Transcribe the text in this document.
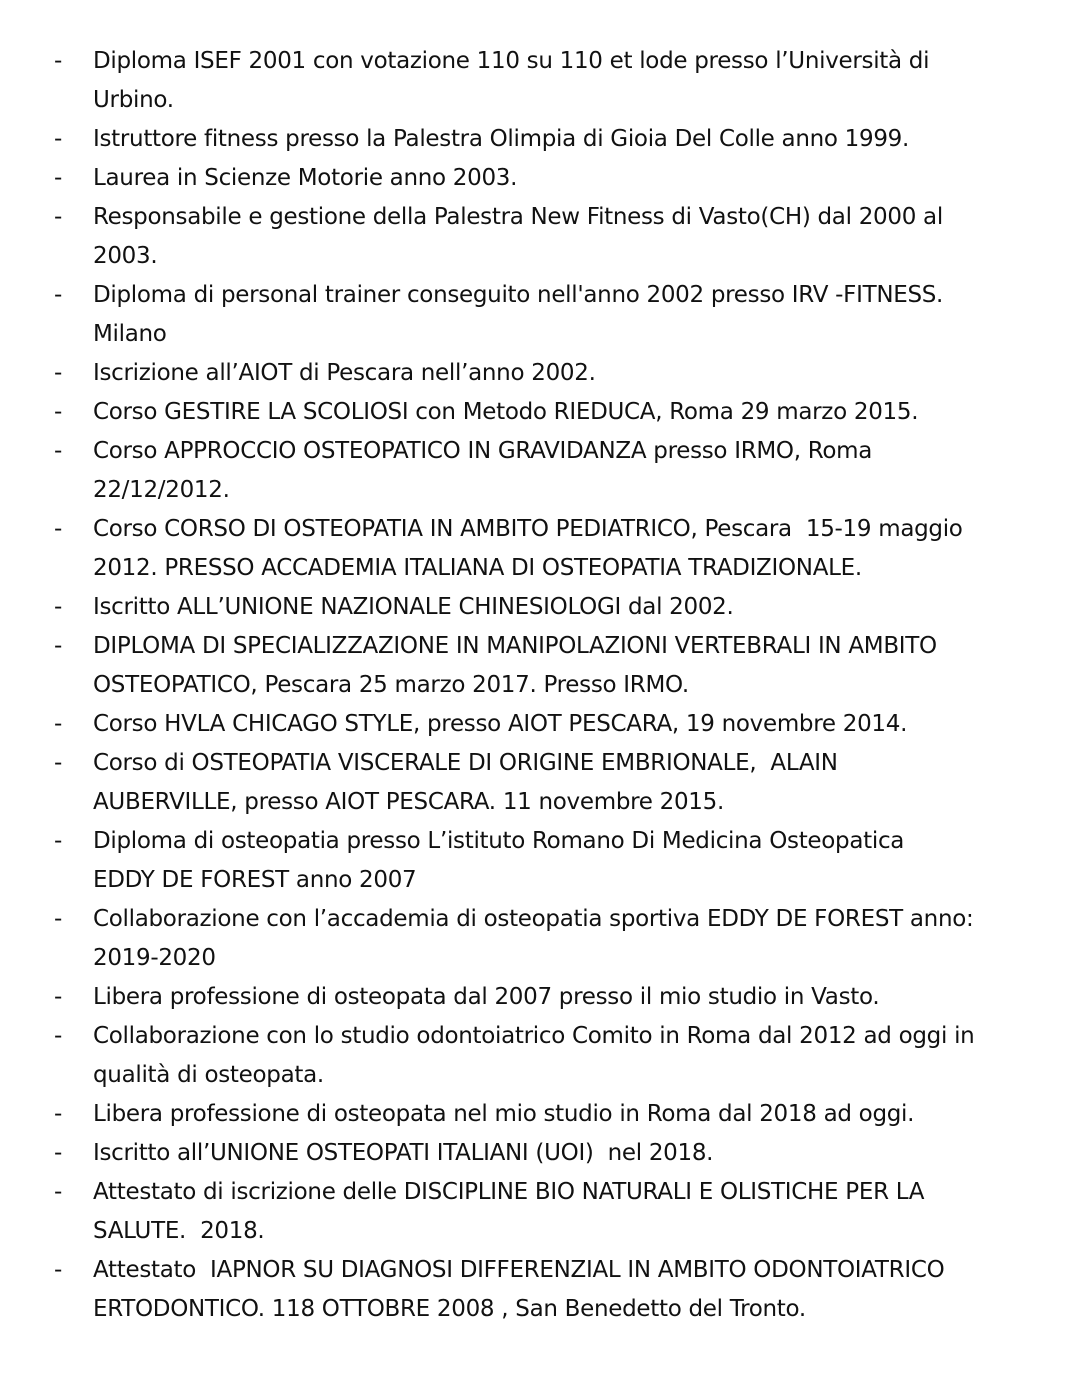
-	Diploma ISEF 2001 con votazione 110 su 110 et lode presso l’Università di
Urbino.
-	Istruttore fitness presso la Palestra Olimpia di Gioia Del Colle anno 1999.
-	Laurea in Scienze Motorie anno 2003.
-	Responsabile e gestione della Palestra New Fitness di Vasto(CH) dal 2000 al
2003.
-	Diploma di personal trainer conseguito nell'anno 2002 presso IRV -FITNESS.
Milano
-	Iscrizione all’AIOT di Pescara nell’anno 2002.
-	Corso GESTIRE LA SCOLIOSI con Metodo RIEDUCA, Roma 29 marzo 2015.
-	Corso APPROCCIO OSTEOPATICO IN GRAVIDANZA presso IRMO, Roma
22/12/2012.
-	Corso CORSO DI OSTEOPATIA IN AMBITO PEDIATRICO, Pescara  15-19 maggio
2012. PRESSO ACCADEMIA ITALIANA DI OSTEOPATIA TRADIZIONALE.
-	Iscritto ALL’UNIONE NAZIONALE CHINESIOLOGI dal 2002.
-	DIPLOMA DI SPECIALIZZAZIONE IN MANIPOLAZIONI VERTEBRALI IN AMBITO
OSTEOPATICO, Pescara 25 marzo 2017. Presso IRMO.
-	Corso HVLA CHICAGO STYLE, presso AIOT PESCARA, 19 novembre 2014.
-	Corso di OSTEOPATIA VISCERALE DI ORIGINE EMBRIONALE,  ALAIN
AUBERVILLE, presso AIOT PESCARA. 11 novembre 2015.
-	Diploma di osteopatia presso L’istituto Romano Di Medicina Osteopatica
EDDY DE FOREST anno 2007
-	Collaborazione con l’accademia di osteopatia sportiva EDDY DE FOREST anno:
2019-2020
-	Libera professione di osteopata dal 2007 presso il mio studio in Vasto.
-	Collaborazione con lo studio odontoiatrico Comito in Roma dal 2012 ad oggi in
qualità di osteopata.
-	Libera professione di osteopata nel mio studio in Roma dal 2018 ad oggi.
-	Iscritto all’UNIONE OSTEOPATI ITALIANI (UOI)  nel 2018.
-	Attestato di iscrizione delle DISCIPLINE BIO NATURALI E OLISTICHE PER LA
SALUTE.  2018.
-	Attestato  IAPNOR SU DIAGNOSI DIFFERENZIAL IN AMBITO ODONTOIATRICO
ERTODONTICO. 118 OTTOBRE 2008 , San Benedetto del Tronto.
